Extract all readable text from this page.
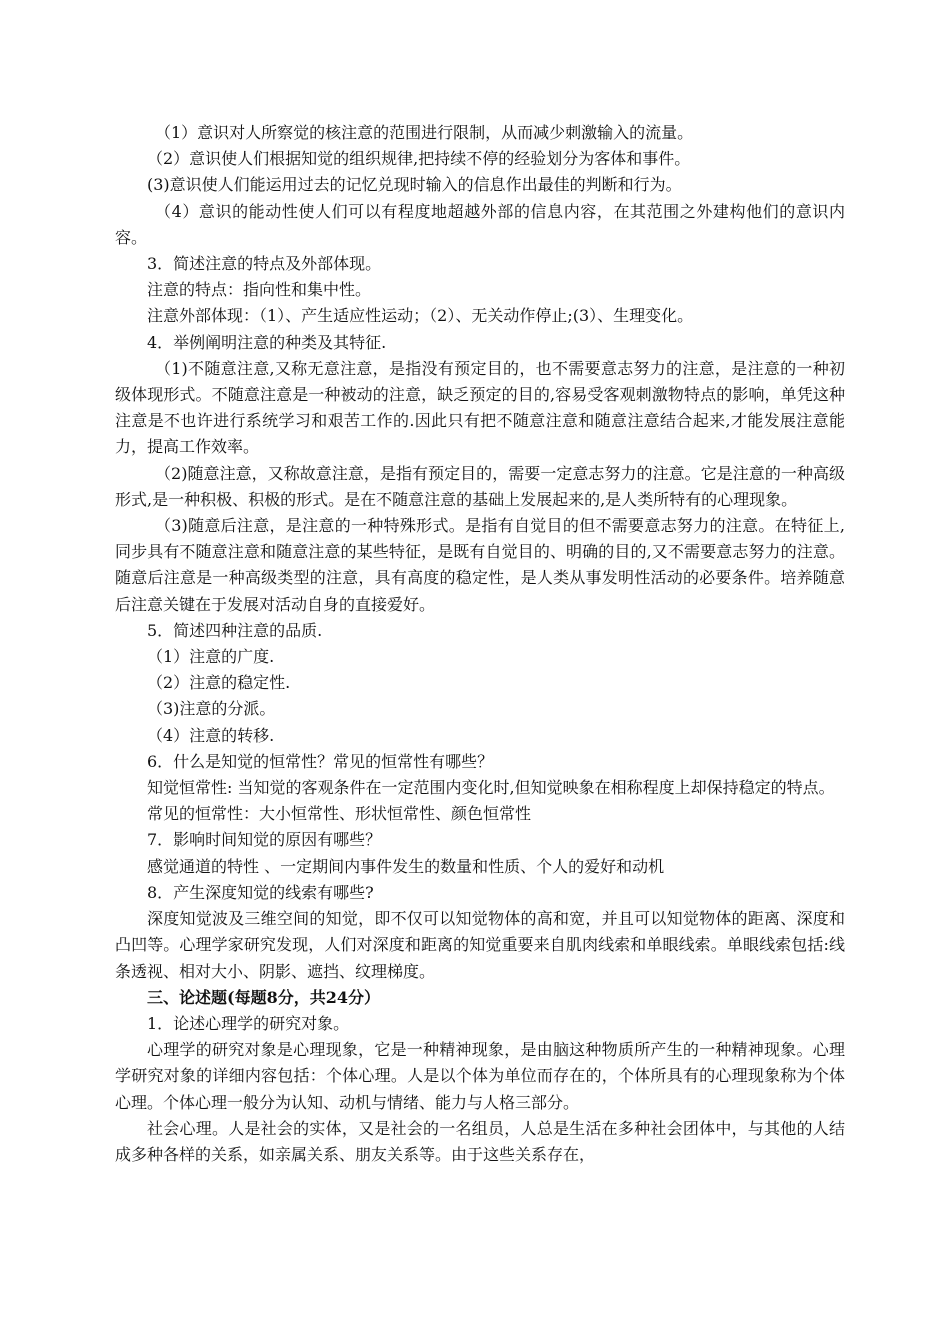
（1）意识对人所察觉的核注意的范围进行限制，从而减少刺激输入的流量。

（2）意识使人们根据知觉的组织规律,把持续不停的经验划分为客体和事件。

(3)意识使人们能运用过去的记忆兑现时输入的信息作出最佳的判断和行为。

（4）意识的能动性使人们可以有程度地超越外部的信息内容，在其范围之外建构他们的意识内容。

3．简述注意的特点及外部体现。

注意的特点：指向性和集中性。

注意外部体现：（1）、产生适应性运动；（2）、无关动作停止;(3）、生理变化。

4．举例阐明注意的种类及其特征.

（1)不随意注意,又称无意注意，是指没有预定目的，也不需要意志努力的注意，是注意的一种初级体现形式。不随意注意是一种被动的注意，缺乏预定的目的,容易受客观刺激物特点的影响，单凭这种注意是不也许进行系统学习和艰苦工作的.因此只有把不随意注意和随意注意结合起来,才能发展注意能力，提高工作效率。

（2)随意注意，又称故意注意，是指有预定目的，需要一定意志努力的注意。它是注意的一种高级形式,是一种积极、积极的形式。是在不随意注意的基础上发展起来的,是人类所特有的心理现象。

（3)随意后注意，是注意的一种特殊形式。是指有自觉目的但不需要意志努力的注意。在特征上,同步具有不随意注意和随意注意的某些特征，是既有自觉目的、明确的目的,又不需要意志努力的注意。随意后注意是一种高级类型的注意，具有高度的稳定性，是人类从事发明性活动的必要条件。培养随意后注意关键在于发展对活动自身的直接爱好。

5．简述四种注意的品质.

（1）注意的广度.

（2）注意的稳定性.

（3)注意的分派。

（4）注意的转移.

6．什么是知觉的恒常性？常见的恒常性有哪些？

知觉恒常性: 当知觉的客观条件在一定范围内变化时,但知觉映象在相称程度上却保持稳定的特点。

常见的恒常性：大小恒常性、形状恒常性、颜色恒常性

7．影响时间知觉的原因有哪些？

感觉通道的特性 、一定期间内事件发生的数量和性质、个人的爱好和动机

8．产生深度知觉的线索有哪些?

深度知觉波及三维空间的知觉，即不仅可以知觉物体的高和宽，并且可以知觉物体的距离、深度和凸凹等。心理学家研究发现，人们对深度和距离的知觉重要来自肌肉线索和单眼线索。单眼线索包括:线条透视、相对大小、阴影、遮挡、纹理梯度。

三、论述题(每题8分，共24分）

1．论述心理学的研究对象。

心理学的研究对象是心理现象，它是一种精神现象，是由脑这种物质所产生的一种精神现象。心理学研究对象的详细内容包括：个体心理。人是以个体为单位而存在的，个体所具有的心理现象称为个体心理。个体心理一般分为认知、动机与情绪、能力与人格三部分。

社会心理。人是社会的实体，又是社会的一名组员，人总是生活在多种社会团体中，与其他的人结成多种各样的关系，如亲属关系、朋友关系等。由于这些关系存在，
